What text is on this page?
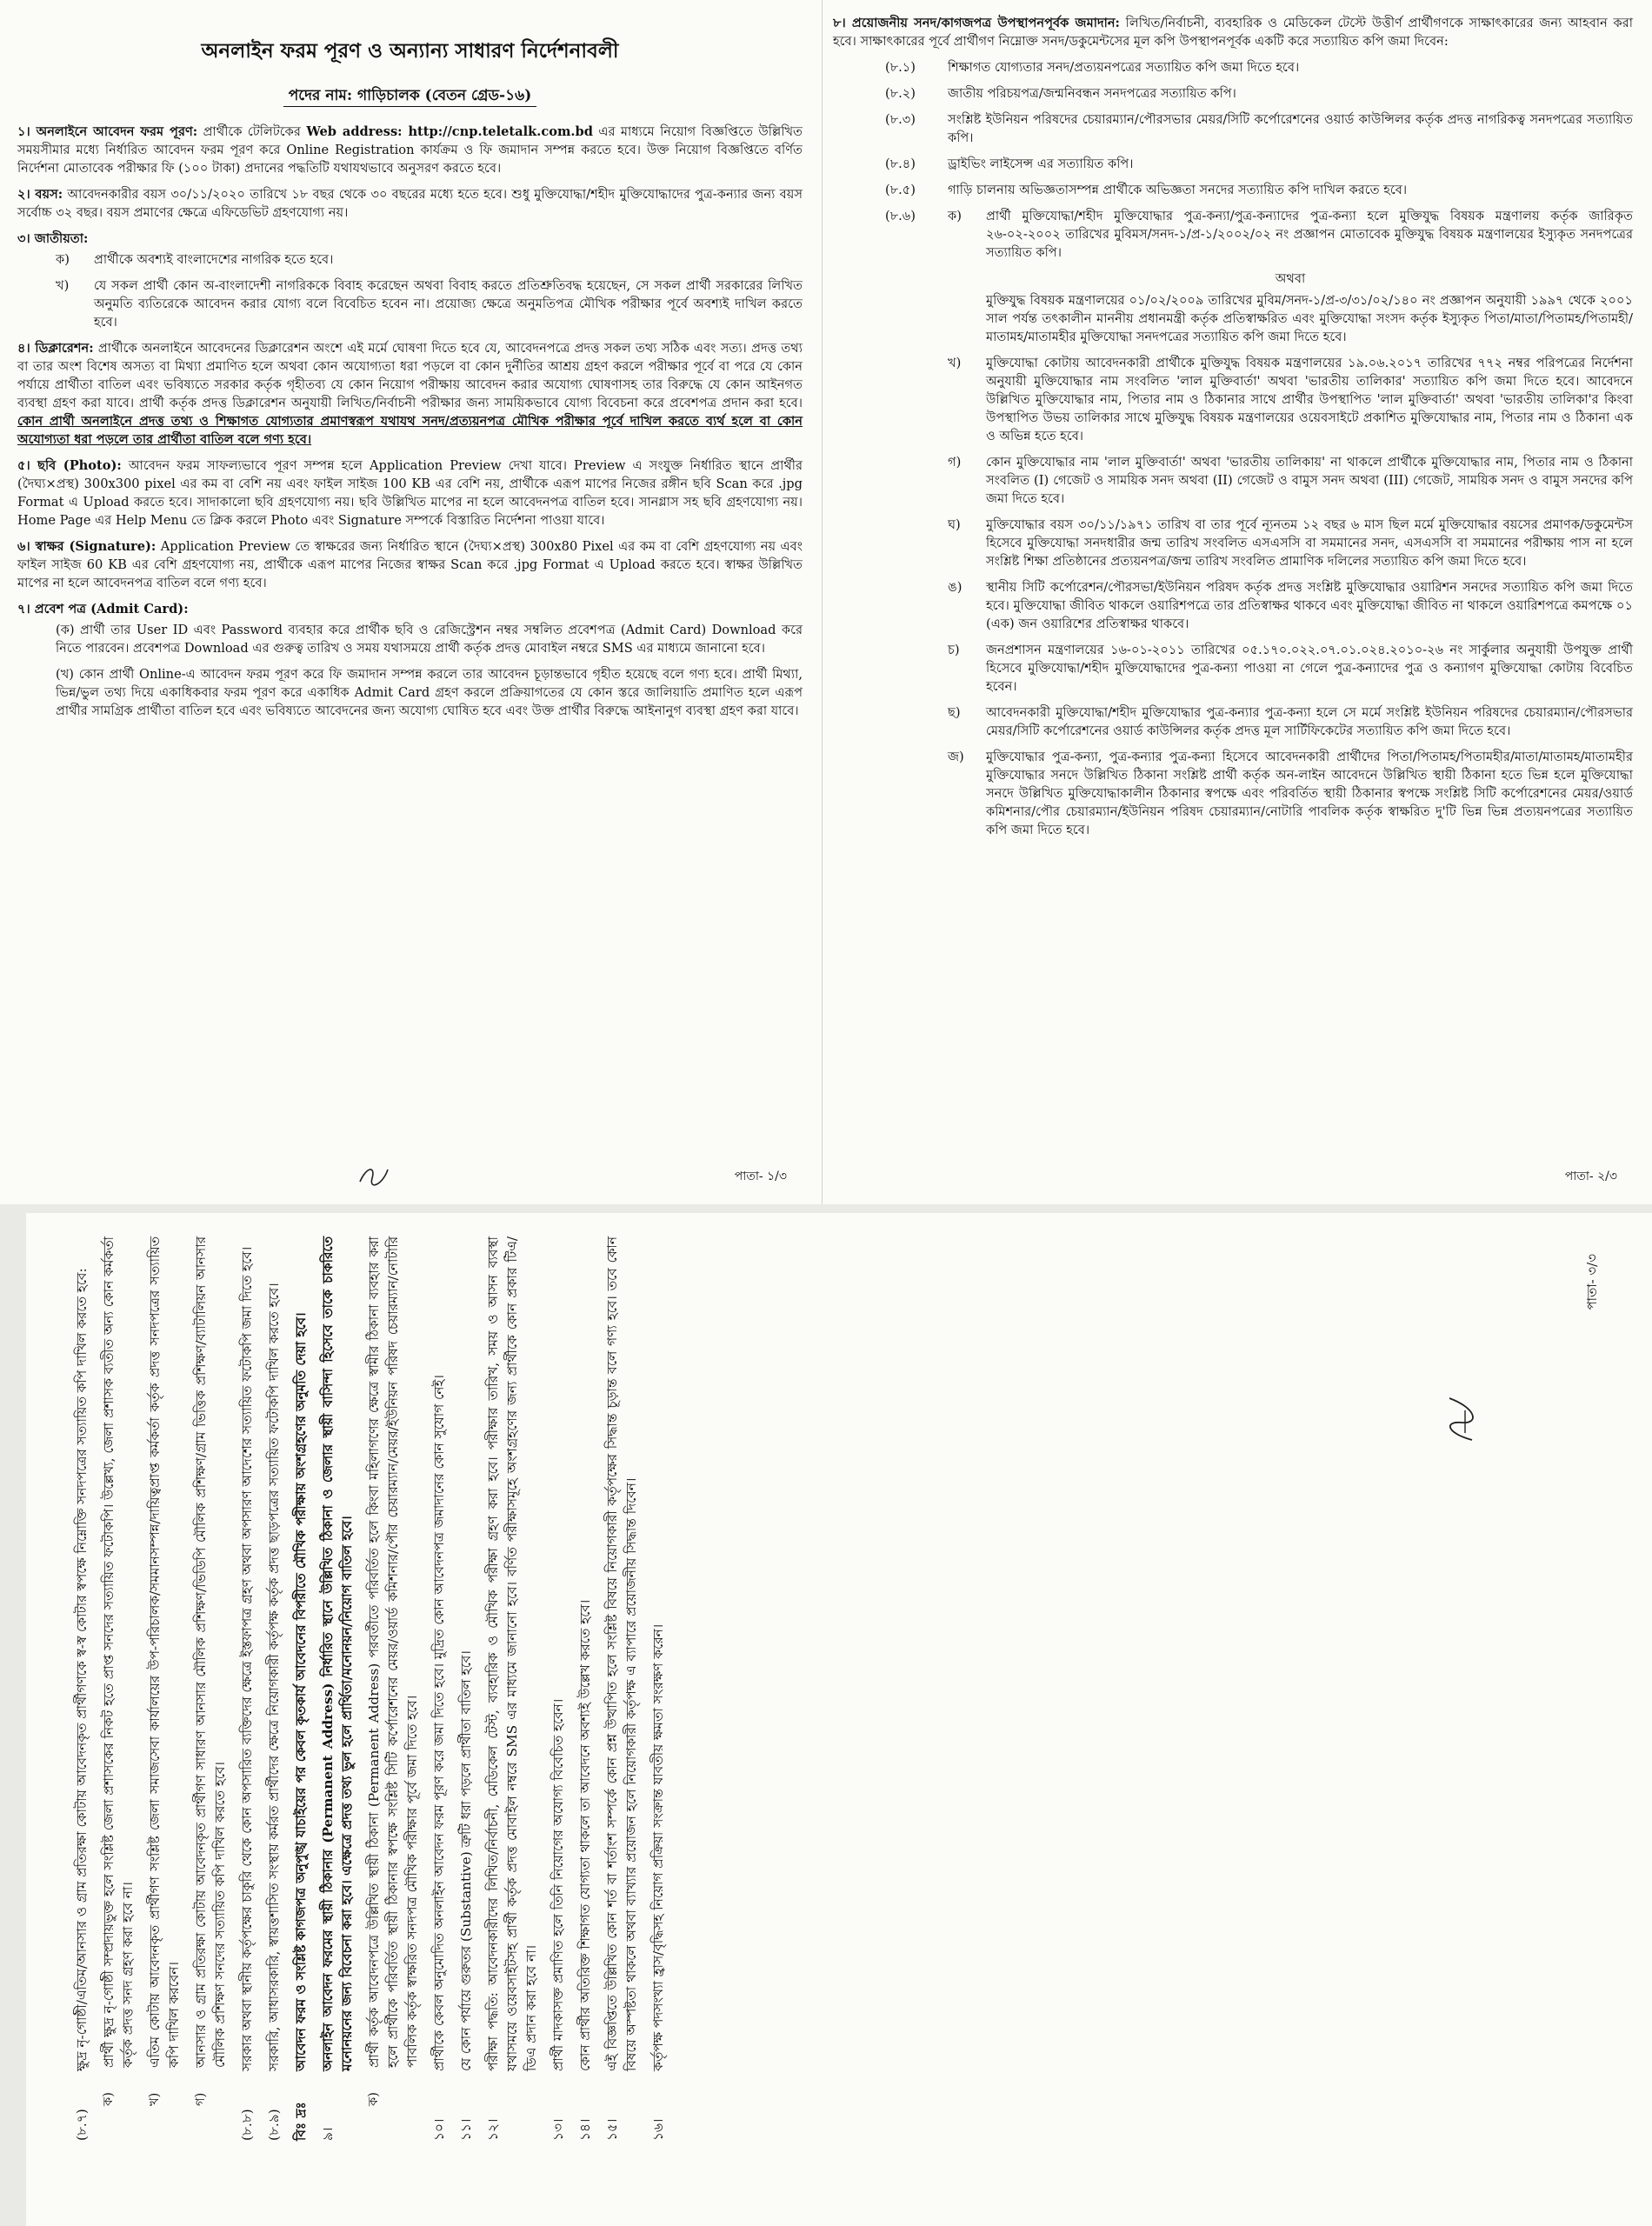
অনলাইন ফরম পূরণ ও অন্যান্য সাধারণ নির্দেশনাবলী
পদের নাম: গাড়িচালক (বেতন গ্রেড-১৬)

১। অনলাইনে আবেদন ফরম পূরণ: প্রার্থীকে টেলিটকের Web address: http://cnp.teletalk.com.bd এর মাধ্যমে নিয়োগ বিজ্ঞপ্তিতে উল্লিখিত সময়সীমার মধ্যে নির্ধারিত আবেদন ফরম পূরণ করে Online Registration কার্যক্রম ও ফি জমাদান সম্পন্ন করতে হবে। উক্ত নিয়োগ বিজ্ঞপ্তিতে বর্ণিত নির্দেশনা মোতাবেক পরীক্ষার ফি (১০০ টাকা) প্রদানের পদ্ধতিটি যথাযথভাবে অনুসরণ করতে হবে।

২। বয়স: আবেদনকারীর বয়স ৩০/১১/২০২০ তারিখে ১৮ বছর থেকে ৩০ বছরের মধ্যে হতে হবে। শুধু মুক্তিযোদ্ধা/শহীদ মুক্তিযোদ্ধাদের পুত্র-কন্যার জন্য বয়স সর্বোচ্চ ৩২ বছর। বয়স প্রমাণের ক্ষেত্রে এফিডেভিট গ্রহণযোগ্য নয়।

৩। জাতীয়তা:

ক)	প্রার্থীকে অবশ্যই বাংলাদেশের নাগরিক হতে হবে।

খ)	যে সকল প্রার্থী কোন অ-বাংলাদেশী নাগরিককে বিবাহ করেছেন অথবা বিবাহ করতে প্রতিশ্রুতিবদ্ধ হয়েছেন, সে সকল প্রার্থী সরকারের লিখিত অনুমতি ব্যতিরেকে আবেদন করার যোগ্য বলে বিবেচিত হবেন না। প্রয়োজ্য ক্ষেত্রে অনুমতিপত্র মৌখিক পরীক্ষার পূর্বে অবশ্যই দাখিল করতে হবে।

৪। ডিক্লারেশন: প্রার্থীকে অনলাইনে আবেদনের ডিক্লারেশন অংশে এই মর্মে ঘোষণা দিতে হবে যে, আবেদনপত্রে প্রদত্ত সকল তথ্য সঠিক এবং সত্য। প্রদত্ত তথ্য বা তার অংশ বিশেষ অসত্য বা মিথ্যা প্রমাণিত হলে অথবা কোন অযোগ্যতা ধরা পড়লে বা কোন দুর্নীতির আশ্রয় গ্রহণ করলে পরীক্ষার পূর্বে বা পরে যে কোন পর্যায়ে প্রার্থীতা বাতিল এবং ভবিষ্যতে সরকার কর্তৃক গৃহীতব্য যে কোন নিয়োগ পরীক্ষায় আবেদন করার অযোগ্য ঘোষণাসহ তার বিরুদ্ধে যে কোন আইনগত ব্যবস্থা গ্রহণ করা যাবে। প্রার্থী কর্তৃক প্রদত্ত ডিক্লারেশন অনুযায়ী লিখিত/নির্বাচনী পরীক্ষার জন্য সাময়িকভাবে যোগ্য বিবেচনা করে প্রবেশপত্র প্রদান করা হবে। কোন প্রার্থী অনলাইনে প্রদত্ত তথ্য ও শিক্ষাগত যোগ্যতার প্রমাণস্বরূপ যথাযথ সনদ/প্রত্যয়নপত্র মৌখিক পরীক্ষার পূর্বে দাখিল করতে ব্যর্থ হলে বা কোন অযোগ্যতা ধরা পড়লে তার প্রার্থীতা বাতিল বলে গণ্য হবে।

৫। ছবি (Photo): আবেদন ফরম সাফল্যভাবে পূরণ সম্পন্ন হলে Application Preview দেখা যাবে। Preview এ সংযুক্ত নির্ধারিত স্থানে প্রার্থীর (দৈঘ্য×প্রস্থ) 300x300 pixel এর কম বা বেশি নয় এবং ফাইল সাইজ 100 KB এর বেশি নয়, প্রার্থীকে এরূপ মাপের নিজের রঙ্গীন ছবি Scan করে .jpg Format এ Upload করতে হবে। সাদাকালো ছবি গ্রহণযোগ্য নয়। ছবি উল্লিখিত মাপের না হলে আবেদনপত্র বাতিল হবে। সানগ্লাস সহ ছবি গ্রহণযোগ্য নয়। Home Page এর Help Menu তে ক্লিক করলে Photo এবং Signature সম্পর্কে বিস্তারিত নির্দেশনা পাওয়া যাবে।

৬। স্বাক্ষর (Signature): Application Preview তে স্বাক্ষরের জন্য নির্ধারিত স্থানে (দৈঘ্য×প্রস্থ) 300x80 Pixel এর কম বা বেশি গ্রহণযোগ্য নয় এবং ফাইল সাইজ 60 KB এর বেশি গ্রহণযোগ্য নয়, প্রার্থীকে এরূপ মাপের নিজের স্বাক্ষর Scan করে .jpg Format এ Upload করতে হবে। স্বাক্ষর উল্লিখিত মাপের না হলে আবেদনপত্র বাতিল বলে গণ্য হবে।

৭। প্রবেশ পত্র (Admit Card):

(ক) প্রার্থী তার User ID এবং Password ব্যবহার করে প্রার্থীক ছবি ও রেজিস্ট্রেশন নম্বর সম্বলিত প্রবেশপত্র (Admit Card) Download করে নিতে পারবেন। প্রবেশপত্র Download এর গুরুত্ব তারিখ ও সময় যথাসময়ে প্রার্থী কর্তৃক প্রদত্ত মোবাইল নম্বরে SMS এর মাধ্যমে জানানো হবে।

(খ) কোন প্রার্থী Online-এ আবেদন ফরম পূরণ করে ফি জমাদান সম্পন্ন করলে তার আবেদন চূড়ান্তভাবে গৃহীত হয়েছে বলে গণ্য হবে। প্রার্থী মিথ্যা, ভিন্ন/ভুল তথ্য দিয়ে একাধিকবার ফরম পূরণ করে একাধিক Admit Card গ্রহণ করলে প্রক্রিয়াগতের যে কোন স্তরে জালিয়াতি প্রমাণিত হলে এরূপ প্রার্থীর সামগ্রিক প্রার্থীতা বাতিল হবে এবং ভবিষ্যতে আবেদনের জন্য অযোগ্য ঘোষিত হবে এবং উক্ত প্রার্থীর বিরুদ্ধে আইনানুগ ব্যবস্থা গ্রহণ করা যাবে।

পাতা- ১/৩

৮। প্রয়োজনীয় সনদ/কাগজপত্র উপস্থাপনপূর্বক জমাদান: লিখিত/নির্বাচনী, ব্যবহারিক ও মেডিকেল টেস্টে উত্তীর্ণ প্রার্থীগণকে সাক্ষাৎকারের জন্য আহবান করা হবে। সাক্ষাৎকারের পূর্বে প্রার্থীগণ নিম্নোক্ত সনদ/ডকুমেন্টসের মূল কপি উপস্থাপনপূর্বক একটি করে সত্যায়িত কপি জমা দিবেন:

(৮.১)	শিক্ষাগত যোগ্যতার সনদ/প্রত্যয়নপত্রের সত্যায়িত কপি জমা দিতে হবে।

(৮.২)	জাতীয় পরিচয়পত্র/জন্মনিবন্ধন সনদপত্রের সত্যায়িত কপি।

(৮.৩)	সংশ্লিষ্ট ইউনিয়ন পরিষদের চেয়ারম্যান/পৌরসভার মেয়র/সিটি কর্পোরেশনের ওয়ার্ড কাউন্সিলর কর্তৃক প্রদত্ত নাগরিকত্ব সনদপত্রের সত্যায়িত কপি।

(৮.৪)	ড্রাইভিং লাইসেন্স এর সত্যায়িত কপি।

(৮.৫)	গাড়ি চালনায় অভিজ্ঞতাসম্পন্ন প্রার্থীকে অভিজ্ঞতা সনদের সত্যায়িত কপি দাখিল করতে হবে।

(৮.৬)	ক)	প্রার্থী মুক্তিযোদ্ধা/শহীদ মুক্তিযোদ্ধার পুত্র-কন্যা/পুত্র-কন্যাদের পুত্র-কন্যা হলে মুক্তিযুদ্ধ বিষয়ক মন্ত্রণালয় কর্তৃক জারিকৃত ২৬-০২-২০০২ তারিখের মুবিমস/সনদ-১/প্র-১/২০০২/০২ নং প্রজ্ঞাপন মোতাবেক মুক্তিযুদ্ধ বিষয়ক মন্ত্রণালয়ের ইস্যুকৃত সনদপত্রের সত্যায়িত কপি।

অথবা

মুক্তিযুদ্ধ বিষয়ক মন্ত্রণালয়ের ০১/০২/২০০৯ তারিখের মুবিম/সনদ-১/প্র-৩/৩১/০২/১৪০ নং প্রজ্ঞাপন অনুযায়ী ১৯৯৭ থেকে ২০০১ সাল পর্যন্ত তৎকালীন মাননীয় প্রধানমন্ত্রী কর্তৃক প্রতিস্বাক্ষরিত এবং মুক্তিযোদ্ধা সংসদ কর্তৃক ইস্যুকৃত পিতা/মাতা/পিতামহ/পিতামহী/মাতামহ/মাতামহীর মুক্তিযোদ্ধা সনদপত্রের সত্যায়িত কপি জমা দিতে হবে।

খ)	মুক্তিযোদ্ধা কোটায় আবেদনকারী প্রার্থীকে মুক্তিযুদ্ধ বিষয়ক মন্ত্রণালয়ের ১৯.০৬.২০১৭ তারিখের ৭৭২ নম্বর পরিপত্রের নির্দেশনা অনুযায়ী মুক্তিযোদ্ধার নাম সংবলিত 'লাল মুক্তিবার্তা' অথবা 'ভারতীয় তালিকার' সত্যায়িত কপি জমা দিতে হবে। আবেদনে উল্লিখিত মুক্তিযোদ্ধার নাম, পিতার নাম ও ঠিকানার সাথে প্রার্থীর উপস্থাপিত 'লাল মুক্তিবার্তা' অথবা 'ভারতীয় তালিকা'র কিংবা উপস্থাপিত উভয় তালিকার সাথে মুক্তিযুদ্ধ বিষয়ক মন্ত্রণালয়ের ওয়েবসাইটে প্রকাশিত মুক্তিযোদ্ধার নাম, পিতার নাম ও ঠিকানা এক ও অভিন্ন হতে হবে।

গ)	কোন মুক্তিযোদ্ধার নাম 'লাল মুক্তিবার্তা' অথবা 'ভারতীয় তালিকায়' না থাকলে প্রার্থীকে মুক্তিযোদ্ধার নাম, পিতার নাম ও ঠিকানা সংবলিত (I) গেজেট ও সাময়িক সনদ অথবা (II) গেজেট ও বামুস সনদ অথবা (III) গেজেট, সাময়িক সনদ ও বামুস সনদের কপি জমা দিতে হবে।

ঘ)	মুক্তিযোদ্ধার বয়স ৩০/১১/১৯৭১ তারিখ বা তার পূর্বে ন্যূনতম ১২ বছর ৬ মাস ছিল মর্মে মুক্তিযোদ্ধার বয়সের প্রমাণক/ডকুমেন্টস হিসেবে মুক্তিযোদ্ধা সনদধারীর জন্ম তারিখ সংবলিত এসএসসি বা সমমানের সনদ, এসএসসি বা সমমানের পরীক্ষায় পাস না হলে সংশ্লিষ্ট শিক্ষা প্রতিষ্ঠানের প্রত্যয়নপত্র/জন্ম তারিখ সংবলিত প্রামাণিক দলিলের সত্যায়িত কপি জমা দিতে হবে।

ঙ)	স্থানীয় সিটি কর্পোরেশন/পৌরসভা/ইউনিয়ন পরিষদ কর্তৃক প্রদত্ত সংশ্লিষ্ট মুক্তিযোদ্ধার ওয়ারিশন সনদের সত্যায়িত কপি জমা দিতে হবে। মুক্তিযোদ্ধা জীবিত থাকলে ওয়ারিশপত্রে তার প্রতিস্বাক্ষর থাকবে এবং মুক্তিযোদ্ধা জীবিত না থাকলে ওয়ারিশপত্রে কমপক্ষে ০১ (এক) জন ওয়ারিশের প্রতিস্বাক্ষর থাকবে।

চ)	জনপ্রশাসন মন্ত্রণালয়ের ১৬-০১-২০১১ তারিখের ০৫.১৭০.০২২.০৭.০১.০২৪.২০১০-২৬ নং সার্কুলার অনুযায়ী উপযুক্ত প্রার্থী হিসেবে মুক্তিযোদ্ধা/শহীদ মুক্তিযোদ্ধাদের পুত্র-কন্যা পাওয়া না গেলে পুত্র-কন্যাদের পুত্র ও কন্যাগণ মুক্তিযোদ্ধা কোটায় বিবেচিত হবেন।

ছ)	আবেদনকারী মুক্তিযোদ্ধা/শহীদ মুক্তিযোদ্ধার পুত্র-কন্যার পুত্র-কন্যা হলে সে মর্মে সংশ্লিষ্ট ইউনিয়ন পরিষদের চেয়ারম্যান/পৌরসভার মেয়র/সিটি কর্পোরেশনের ওয়ার্ড কাউন্সিলর কর্তৃক প্রদত্ত মূল সার্টিফিকেটের সত্যায়িত কপি জমা দিতে হবে।

জ)	মুক্তিযোদ্ধার পুত্র-কন্যা, পুত্র-কন্যার পুত্র-কন্যা হিসেবে আবেদনকারী প্রার্থীদের পিতা/পিতামহ/পিতামহীর/মাতা/মাতামহ/মাতামহীর মুক্তিযোদ্ধার সনদে উল্লিখিত ঠিকানা সংশ্লিষ্ট প্রার্থী কর্তৃক অন-লাইন আবেদনে উল্লিখিত স্থায়ী ঠিকানা হতে ভিন্ন হলে মুক্তিযোদ্ধা সনদে উল্লিখিত মুক্তিযোদ্ধাকালীন ঠিকানার স্বপক্ষে এবং পরিবর্তিত স্থায়ী ঠিকানার স্বপক্ষে সংশ্লিষ্ট সিটি কর্পোরেশনের মেয়র/ওয়ার্ড কমিশনার/পৌর চেয়ারম্যান/ইউনিয়ন পরিষদ চেয়ারম্যান/নোটারি পাবলিক কর্তৃক স্বাক্ষরিত দু'টি ভিন্ন ভিন্ন প্রত্যয়নপত্রের সত্যায়িত কপি জমা দিতে হবে।

পাতা- ২/৩
(৮.৭)

ক্ষুদ্র নৃ-গোষ্ঠী/এতিম/আনসার ও গ্রাম প্রতিরক্ষা কোটায় আবেদনকৃত প্রার্থীগণকে স্ব-স্ব কোটার স্বপক্ষে নিম্নোক্তি সনদপত্রের সত্যায়িত কপি দাখিল করতে হবে:

ক)

প্রার্থী ক্ষুদ্র নৃ-গোষ্ঠী সম্প্রদায়ভুক্ত হলে সংশ্লিষ্ট জেলা প্রশাসকের নিকট হতে প্রাপ্ত সনদের সত্যায়িত ফটোকপি। উল্লেখ্য, জেলা প্রশাসক ব্যতীত অন্য কোন কর্মকর্তা কর্তৃক প্রদত্ত সনদ গ্রহণ করা হবে না।

খ)

এতিম কোটায় আবেদনকৃত প্রার্থীগণ সংশ্লিষ্ট জেলা সমাজসেবা কার্যালয়ের উপ-পরিচালক/সমমানসম্পন্ন/দায়িত্বপ্রাপ্ত কর্মকর্তা কর্তৃক প্রদত্ত সনদপত্রের সত্যায়িত কপি দাখিল করবেন।

গ)

আনসার ও গ্রাম প্রতিরক্ষা কোটায় আবেদনকৃত প্রার্থীগণ সাধারণ আনসার মৌলিক প্রশিক্ষণ/ভিডিপি মৌলিক প্রশিক্ষণ/গ্রাম ভিত্তিক প্রশিক্ষণ/ব্যাটালিয়ন আনসার মৌলিক প্রশিক্ষণ সনদের সত্যায়িত কপি দাখিল করতে হবে।

(৮.৮)

সরকার অথবা স্থানীয় কর্তৃপক্ষের চাকুরি থেকে কোন অপসারিত ব্যক্তিদের ক্ষেত্রে ইস্তফাপত্র গ্রহণ অথবা অপসারণ আদেশের সত্যায়িত ফটোকপি জমা দিতে হবে।

(৮.৯)

সরকারি, আধাসরকারি, স্বায়ত্তশাসিত সংস্থায় কর্মরত প্রার্থীদের ক্ষেত্রে নিয়োগকারী কর্তৃপক্ষ কর্তৃক প্রদত্ত ছাড়পত্রের সত্যায়িত ফটোকপি দাখিল করতে হবে।

বিঃ দ্রঃ

আবেদন ফরম ও সংশ্লিষ্ট কাগজপত্র অনুপুঙ্খ যাচাইয়ের পর কেবল কৃতকার্য আবেদনের বিপরীতে মৌখিক পরীক্ষায় অংশগ্রহণের অনুমতি দেয়া হবে।

৯।

অনলাইন আবেদন ফরমের স্থায়ী ঠিকানার (Permanent Address) নির্ধারিত স্থানে উল্লিখিত ঠিকানা ও জেলার স্থায়ী বাসিন্দা হিসেবে তাকে চাকরিতে মনোনয়নের জন্য বিবেচনা করা হবে। এক্ষেত্রে প্রদত্ত তথ্য ভুল হলে প্রার্থিতা/মনোনয়ন/নিয়োগ বাতিল হবে।

ক)

প্রার্থী কর্তৃক আবেদনপত্রে উল্লিখিত স্থায়ী ঠিকানা (Permanent Address) পরবর্তীতে পরিবর্তিত হলে কিংবা মহিলাগণের ক্ষেত্রে স্বামীর ঠিকানা ব্যবহার করা হলে প্রার্থীকে পরিবর্তিত স্থায়ী ঠিকানার স্বপক্ষে সংশ্লিষ্ট সিটি কর্পোরেশনের মেয়র/ওয়ার্ড কমিশনার/পৌর চেয়ারম্যান/মেয়র/ইউনিয়ন পরিষদ চেয়ারম্যান/নোটারি পাবলিক কর্তৃক স্বাক্ষরিত সনদপত্র মৌখিক পরীক্ষার পূর্বে জমা দিতে হবে।

১০।

প্রার্থীকে কেবল অনুমোদিত অনলাইন আবেদন ফরম পূরণ করে জমা দিতে হবে। মুদ্রিত কোন আবেদনপত্র জমাদানের কোন সুযোগ নেই।

১১।

যে কোন পর্যায়ে গুরুতর (Substantive) ত্রুটি ধরা পড়লে প্রার্থীতা বাতিল হবে।

১২।

পরীক্ষা পদ্ধতি: আবেদনকারীদের লিখিত/নির্বাচনী, মেডিকেল টেস্ট, ব্যবহারিক ও মৌখিক পরীক্ষা গ্রহণ করা হবে। পরীক্ষার তারিখ, সময় ও আসন ব্যবস্থা যথাসময়ে ওয়েবসাইটসহ প্রার্থী কর্তৃক প্রদত্ত মোবাইল নম্বরে SMS এর মাধ্যমে জানানো হবে। বর্ণিত পরীক্ষাসমূহে অংশগ্রহণের জন্য প্রার্থীকে কোন প্রকার টিএ/ডিএ প্রদান করা হবে না।

১৩।

প্রার্থী মাদকাসক্ত প্রমাণিত হলে তিনি নিয়োগের অযোগ্য বিবেচিত হবেন।

১৪।

কোন প্রার্থীর অতিরিক্ত শিক্ষাগত যোগ্যতা থাকলে তা আবেদনে অবশ্যই উল্লেখ করতে হবে।

১৫।

এই বিজ্ঞপ্তিতে উল্লিখিত কোন শর্ত বা শর্তাংশ সম্পর্কে কোন প্রশ্ন উত্থাপিত হলে সংশ্লিষ্ট বিষয়ে নিয়োগকারী কর্তৃপক্ষের সিদ্ধান্ত চূড়ান্ত বলে গণ্য হবে। তবে কোন বিষয়ে অস্পষ্টতা থাকলে অথবা ব্যাখ্যার প্রয়োজন হলে নিয়োগকারী কর্তৃপক্ষ এ ব্যাপারে প্রয়োজনীয় সিদ্ধান্ত দিবেন।

১৬।

কর্তৃপক্ষ পদসংখ্যা হ্রাস/বৃদ্ধিসহ নিয়োগ প্রক্রিয়া সংক্রান্ত যাবতীয় ক্ষমতা সংরক্ষণ করেন।

পাতা- ৩/৩
